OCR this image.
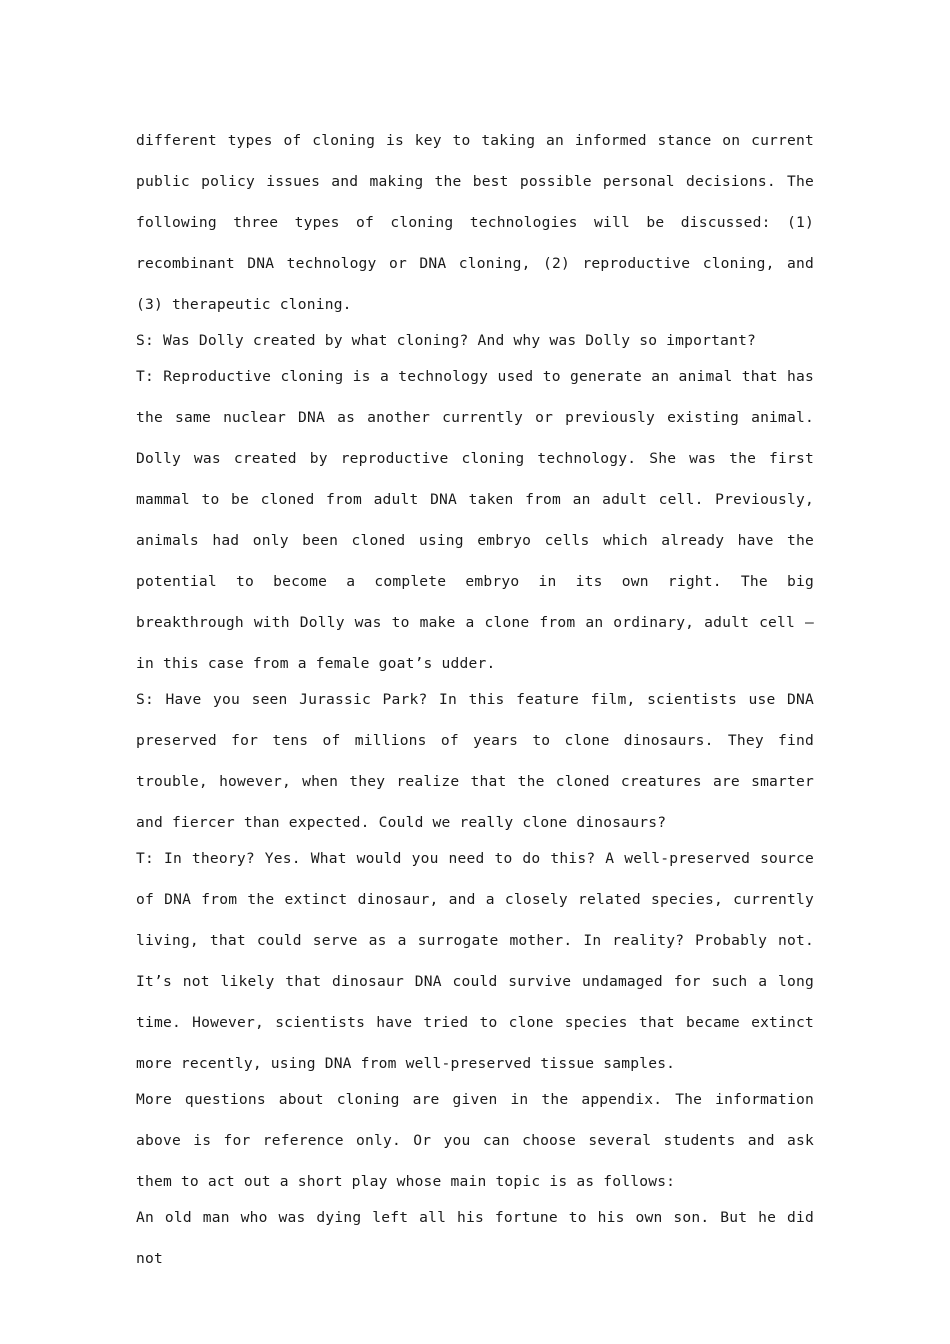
different types of cloning is key to taking an informed stance on current public policy issues and making the best possible personal decisions. The following three types of cloning technologies will be discussed: (1) recombinant DNA technology or DNA cloning, (2) reproductive cloning, and (3) therapeutic cloning.

S: Was Dolly created by what cloning? And why was Dolly so important?

T: Reproductive cloning is a technology used to generate an animal that has the same nuclear DNA as another currently or previously existing animal. Dolly was created by reproductive cloning technology. She was the first mammal to be cloned from adult DNA taken from an adult cell. Previously, animals had only been cloned using embryo cells which already have the potential to become a complete embryo in its own right. The big breakthrough with Dolly was to make a clone from an ordinary, adult cell — in this case from a female goat’s udder.

S: Have you seen Jurassic Park? In this feature film, scientists use DNA preserved for tens of millions of years to clone dinosaurs. They find trouble, however, when they realize that the cloned creatures are smarter and fiercer than expected. Could we really clone dinosaurs?

T: In theory? Yes. What would you need to do this? A well-preserved source of DNA from the extinct dinosaur, and a closely related species, currently living, that could serve as a surrogate mother. In reality? Probably not. It’s not likely that dinosaur DNA could survive undamaged for such a long time. However, scientists have tried to clone species that became extinct more recently, using DNA from well-preserved tissue samples.

More questions about cloning are given in the appendix. The information above is for reference only. Or you can choose several students and ask them to act out a short play whose main topic is as follows:

An old man who was dying left all his fortune to his own son. But he did not
